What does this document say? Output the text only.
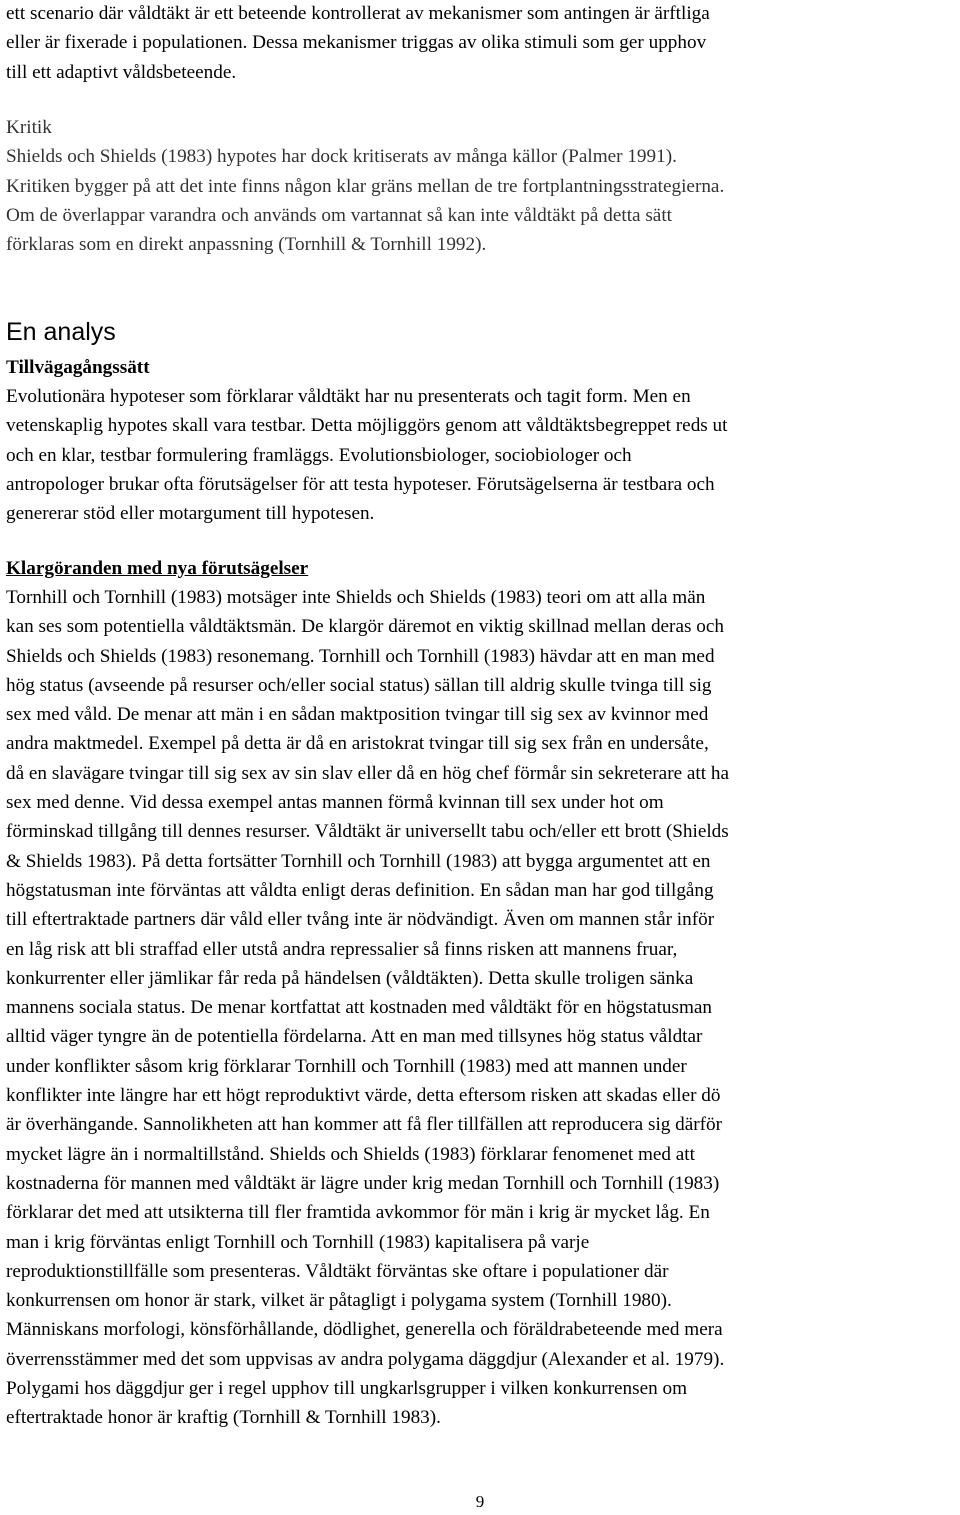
ett scenario där våldtäkt är ett beteende kontrollerat av mekanismer som antingen är ärftliga
eller är fixerade i populationen. Dessa mekanismer triggas av olika stimuli som ger upphov
till ett adaptivt våldsbeteende.
Kritik
Shields och Shields (1983) hypotes har dock kritiserats av många källor (Palmer 1991).
Kritiken bygger på att det inte finns någon klar gräns mellan de tre fortplantningsstrategierna.
Om de överlappar varandra och används om vartannat så kan inte våldtäkt på detta sätt
förklaras som en direkt anpassning (Tornhill & Tornhill 1992).
En analys
Tillvägagångssätt
Evolutionära hypoteser som förklarar våldtäkt har nu presenterats och tagit form. Men en
vetenskaplig hypotes skall vara testbar. Detta möjliggörs genom att våldtäktsbegreppet reds ut
och en klar, testbar formulering framläggs. Evolutionsbiologer, sociobiologer och
antropologer brukar ofta förutsägelser för att testa hypoteser. Förutsägelserna är testbara och
genererar stöd eller motargument till hypotesen.
Klargöranden med nya förutsägelser
Tornhill och Tornhill (1983) motsäger inte Shields och Shields (1983) teori om att alla män
kan ses som potentiella våldtäktsmän. De klargör däremot en viktig skillnad mellan deras och
Shields och Shields (1983) resonemang. Tornhill och Tornhill (1983) hävdar att en man med
hög status (avseende på resurser och/eller social status) sällan till aldrig skulle tvinga till sig
sex med våld. De menar att män i en sådan maktposition tvingar till sig sex av kvinnor med
andra maktmedel. Exempel på detta är då en aristokrat tvingar till sig sex från en undersåte,
då en slavägare tvingar till sig sex av sin slav eller då en hög chef förmår sin sekreterare att ha
sex med denne. Vid dessa exempel antas mannen förmå kvinnan till sex under hot om
förminskad tillgång till dennes resurser. Våldtäkt är universellt tabu och/eller ett brott (Shields
& Shields 1983). På detta fortsätter Tornhill och Tornhill (1983) att bygga argumentet att en
högstatusman inte förväntas att våldta enligt deras definition. En sådan man har god tillgång
till eftertraktade partners där våld eller tvång inte är nödvändigt. Även om mannen står inför
en låg risk att bli straffad eller utstå andra repressalier så finns risken att mannens fruar,
konkurrenter eller jämlikar får reda på händelsen (våldtäkten). Detta skulle troligen sänka
mannens sociala status. De menar kortfattat att kostnaden med våldtäkt för en högstatusman
alltid väger tyngre än de potentiella fördelarna. Att en man med tillsynes hög status våldtar
under konflikter såsom krig förklarar Tornhill och Tornhill (1983) med att mannen under
konflikter inte längre har ett högt reproduktivt värde, detta eftersom risken att skadas eller dö
är överhängande. Sannolikheten att han kommer att få fler tillfällen att reproducera sig därför
mycket lägre än i normaltillstånd. Shields och Shields (1983) förklarar fenomenet med att
kostnaderna för mannen med våldtäkt är lägre under krig medan Tornhill och Tornhill (1983)
förklarar det med att utsikterna till fler framtida avkommor för män i krig är mycket låg. En
man i krig förväntas enligt Tornhill och Tornhill (1983) kapitalisera på varje
reproduktionstillfälle som presenteras. Våldtäkt förväntas ske oftare i populationer där
konkurrensen om honor är stark, vilket är påtagligt i polygama system (Tornhill 1980).
Människans morfologi, könsförhållande, dödlighet, generella och föräldrabeteende med mera
överrensstämmer med det som uppvisas av andra polygama däggdjur (Alexander et al. 1979).
Polygami hos däggdjur ger i regel upphov till ungkarlsgrupper i vilken konkurrensen om
eftertraktade honor är kraftig (Tornhill & Tornhill 1983).
9
